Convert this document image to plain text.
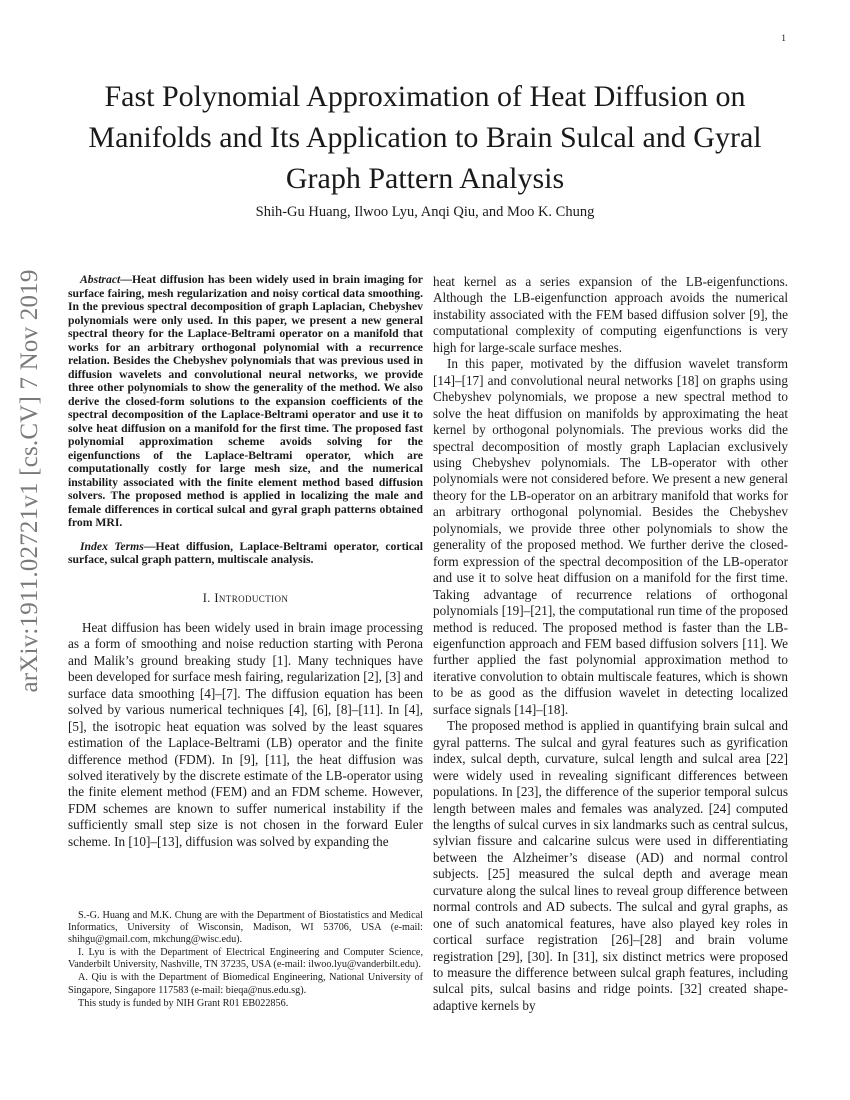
1
arXiv:1911.02721v1 [cs.CV] 7 Nov 2019
Fast Polynomial Approximation of Heat Diffusion on Manifolds and Its Application to Brain Sulcal and Gyral Graph Pattern Analysis
Shih-Gu Huang, Ilwoo Lyu, Anqi Qiu, and Moo K. Chung

Abstract—Heat diffusion has been widely used in brain imaging for surface fairing, mesh regularization and noisy cortical data smoothing. In the previous spectral decomposition of graph Laplacian, Chebyshev polynomials were only used. In this paper, we present a new general spectral theory for the Laplace-Beltrami operator on a manifold that works for an arbitrary orthogonal polynomial with a recurrence relation. Besides the Chebyshev polynomials that was previous used in diffusion wavelets and convolutional neural networks, we provide three other polynomials to show the generality of the method. We also derive the closed-form solutions to the expansion coefficients of the spectral decomposition of the Laplace-Beltrami operator and use it to solve heat diffusion on a manifold for the first time. The proposed fast polynomial approximation scheme avoids solving for the eigenfunctions of the Laplace-Beltrami operator, which are computationally costly for large mesh size, and the numerical instability associated with the finite element method based diffusion solvers. The proposed method is applied in localizing the male and female differences in cortical sulcal and gyral graph patterns obtained from MRI.

Index Terms—Heat diffusion, Laplace-Beltrami operator, cortical surface, sulcal graph pattern, multiscale analysis.

I. Introduction

Heat diffusion has been widely used in brain image processing as a form of smoothing and noise reduction starting with Perona and Malik’s ground breaking study [1]. Many techniques have been developed for surface mesh fairing, regularization [2], [3] and surface data smoothing [4]–[7]. The diffusion equation has been solved by various numerical techniques [4], [6], [8]–[11]. In [4], [5], the isotropic heat equation was solved by the least squares estimation of the Laplace-Beltrami (LB) operator and the finite difference method (FDM). In [9], [11], the heat diffusion was solved iteratively by the discrete estimate of the LB-operator using the finite element method (FEM) and an FDM scheme. However, FDM schemes are known to suffer numerical instability if the sufficiently small step size is not chosen in the forward Euler scheme. In [10]–[13], diffusion was solved by expanding the

S.-G. Huang and M.K. Chung are with the Department of Biostatistics and Medical Informatics, University of Wisconsin, Madison, WI 53706, USA (e-mail: shihgu@gmail.com, mkchung@wisc.edu).

I. Lyu is with the Department of Electrical Engineering and Computer Science, Vanderbilt University, Nashville, TN 37235, USA (e-mail: ilwoo.lyu@vanderbilt.edu).

A. Qiu is with the Department of Biomedical Engineering, National University of Singapore, Singapore 117583 (e-mail: bieqa@nus.edu.sg).

This study is funded by NIH Grant R01 EB022856.

heat kernel as a series expansion of the LB-eigenfunctions. Although the LB-eigenfunction approach avoids the numerical instability associated with the FEM based diffusion solver [9], the computational complexity of computing eigenfunctions is very high for large-scale surface meshes.

In this paper, motivated by the diffusion wavelet transform [14]–[17] and convolutional neural networks [18] on graphs using Chebyshev polynomials, we propose a new spectral method to solve the heat diffusion on manifolds by approximating the heat kernel by orthogonal polynomials. The previous works did the spectral decomposition of mostly graph Laplacian exclusively using Chebyshev polynomials. The LB-operator with other polynomials were not considered before. We present a new general theory for the LB-operator on an arbitrary manifold that works for an arbitrary orthogonal polynomial. Besides the Chebyshev polynomials, we provide three other polynomials to show the generality of the proposed method. We further derive the closed-form expression of the spectral decomposition of the LB-operator and use it to solve heat diffusion on a manifold for the first time. Taking advantage of recurrence relations of orthogonal polynomials [19]–[21], the computational run time of the proposed method is reduced. The proposed method is faster than the LB-eigenfunction approach and FEM based diffusion solvers [11]. We further applied the fast polynomial approximation method to iterative convolution to obtain multiscale features, which is shown to be as good as the diffusion wavelet in detecting localized surface signals [14]–[18].

The proposed method is applied in quantifying brain sulcal and gyral patterns. The sulcal and gyral features such as gyrification index, sulcal depth, curvature, sulcal length and sulcal area [22] were widely used in revealing significant differences between populations. In [23], the difference of the superior temporal sulcus length between males and females was analyzed. [24] computed the lengths of sulcal curves in six landmarks such as central sulcus, sylvian fissure and calcarine sulcus were used in differentiating between the Alzheimer’s disease (AD) and normal control subjects. [25] measured the sulcal depth and average mean curvature along the sulcal lines to reveal group difference between normal controls and AD subects. The sulcal and gyral graphs, as one of such anatomical features, have also played key roles in cortical surface registration [26]–[28] and brain volume registration [29], [30]. In [31], six distinct metrics were proposed to measure the difference between sulcal graph features, including sulcal pits, sulcal basins and ridge points. [32] created shape-adaptive kernels by
